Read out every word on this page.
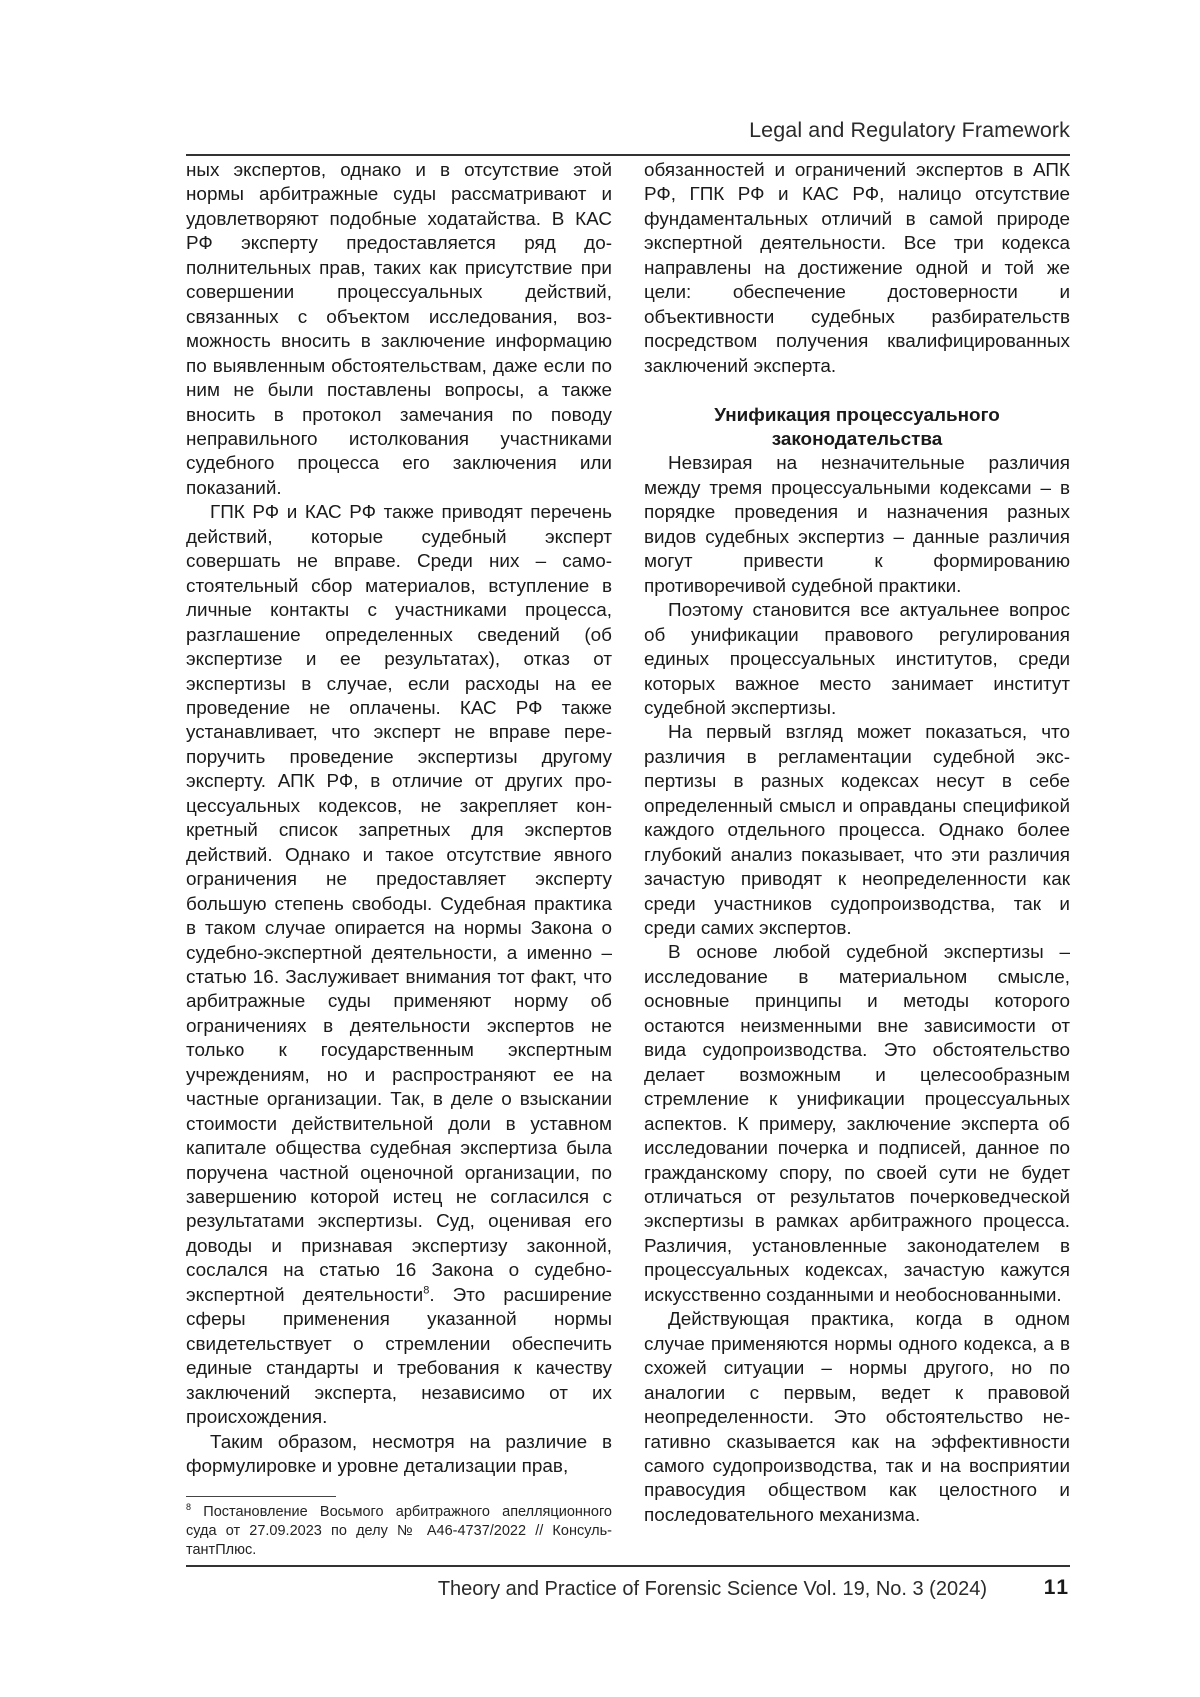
Legal and Regulatory Framework

ных экспертов, однако и в отсутствие этой нормы арбитражные суды рассматривают и удовлетворяют подобные ходатайства. В КАС РФ эксперту предоставляется ряд дополнительных прав, таких как присутствие при совершении процессуальных действий, связанных с объектом исследования, возможность вносить в заключение информацию по выявленным обстоятельствам, даже если по ним не были поставлены вопросы, а также вносить в протокол замечания по поводу неправильного истолкования участниками судебного процесса его заключения или показаний.

ГПК РФ и КАС РФ также приводят перечень действий, которые судебный эксперт совершать не вправе. Среди них – самостоятельный сбор материалов, вступление в личные контакты с участниками процесса, разглашение определенных сведений (об экспертизе и ее результатах), отказ от экспертизы в случае, если расходы на ее проведение не оплачены. КАС РФ также устанавливает, что эксперт не вправе перепоручить проведение экспертизы другому эксперту. АПК РФ, в отличие от других процессуальных кодексов, не закрепляет конкретный список запретных для экспертов действий. Однако и такое отсутствие явного ограничения не предоставляет эксперту большую степень свободы. Судебная практика в таком случае опирается на нормы Закона о судебно-экспертной деятельности, а именно – статью 16. Заслуживает внимания тот факт, что арбитражные суды применяют норму об ограничениях в деятельности экспертов не только к государственным экспертным учреждениям, но и распространяют ее на частные организации. Так, в деле о взыскании стоимости действительной доли в уставном капитале общества судебная экспертиза была поручена частной оценочной организации, по завершению которой истец не согласился с результатами экспертизы. Суд, оценивая его доводы и признавая экспертизу законной, сослался на статью 16 Закона о судебно-экспертной деятельности$^8$. Это расширение сферы применения указанной нормы свидетельствует о стремлении обеспечить единые стандарты и требования к качеству заключений эксперта, независимо от их происхождения.

Таким образом, несмотря на различие в формулировке и уровне детализации прав,

обязанностей и ограничений экспертов в АПК РФ, ГПК РФ и КАС РФ, налицо отсутствие фундаментальных отличий в самой природе экспертной деятельности. Все три кодекса направлены на достижение одной и той же цели: обеспечение достоверности и объективности судебных разбирательств посредством получения квалифицированных заключений эксперта.

Унификация процессуального законодательства

Невзирая на незначительные различия между тремя процессуальными кодексами – в порядке проведения и назначения разных видов судебных экспертиз – данные различия могут привести к формированию противоречивой судебной практики.

Поэтому становится все актуальнее вопрос об унификации правового регулирования единых процессуальных институтов, среди которых важное место занимает институт судебной экспертизы.

На первый взгляд может показаться, что различия в регламентации судебной экспертизы в разных кодексах несут в себе определенный смысл и оправданы спецификой каждого отдельного процесса. Однако более глубокий анализ показывает, что эти различия зачастую приводят к неопределенности как среди участников судопроизводства, так и среди самих экспертов.

В основе любой судебной экспертизы – исследование в материальном смысле, основные принципы и методы которого остаются неизменными вне зависимости от вида судопроизводства. Это обстоятельство делает возможным и целесообразным стремление к унификации процессуальных аспектов. К примеру, заключение эксперта об исследовании почерка и подписей, данное по гражданскому спору, по своей сути не будет отличаться от результатов почерковедческой экспертизы в рамках арбитражного процесса. Различия, установленные законодателем в процессуальных кодексах, зачастую кажутся искусственно созданными и необоснованными.

Действующая практика, когда в одном случае применяются нормы одного кодекса, а в схожей ситуации – нормы другого, но по аналогии с первым, ведет к правовой неопределенности. Это обстоятельство негативно сказывается как на эффективности самого судопроизводства, так и на восприятии правосудия обществом как целостного и последовательного механизма.

$^8$ Постановление Восьмого арбитражного апелляционного суда от 27.09.2023 по делу № А46-4737/2022 // КонсультантПлюс.
Theory and Practice of Forensic Science Vol. 19, No. 3 (2024)	11
